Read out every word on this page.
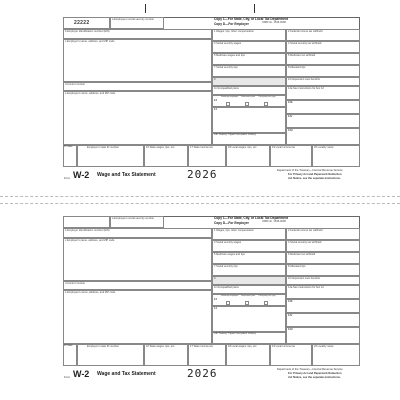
22222
a Employee's social security number
OMB No. 1545-0008
b Employer identification number (EIN)
c Employer's name, address, and ZIP code
d Control number
e Employee's name, address, and ZIP code
Copy 1—For State, City, or Local Tax Department
Copy D—For Employer
1 Wages, tips, other compensation	2 Federal income tax withheld
3 Social security wages	4 Social security tax withheld
5 Medicare wages and tips	6 Medicare tax withheld
7 Social security tips	8 Allocated tips
9	10 Dependent care benefits
11 Nonqualified plans
13
Statutory employee	Retirement plan	Third-party sick pay
14
14b Treasury Tipped Occupation Code(s)
12a See instructions for box 12
12b
12c
12d
15 State	Employer's state ID number	16 State wages, tips, etc.	17 State income tax	18 Local wages, tips, etc.	19 Local income tax	20 Locality name
Form W-2 Wage and Tax Statement	2026	Department of the Treasury—Internal Revenue Service
For Privacy Act and Paperwork Reduction
Act Notice, see the separate instructions.
a Employee's social security number
OMB No. 1545-0008
b Employer identification number (EIN)
c Employer's name, address, and ZIP code
d Control number
e Employee's name, address, and ZIP code
Copy 1—For State, City, or Local Tax Department
Copy D—For Employer
1 Wages, tips, other compensation	2 Federal income tax withheld
3 Social security wages	4 Social security tax withheld
5 Medicare wages and tips	6 Medicare tax withheld
7 Social security tips	8 Allocated tips
9	10 Dependent care benefits
11 Nonqualified plans
13
Statutory employee	Retirement plan	Third-party sick pay
14
14b Treasury Tipped Occupation Code(s)
12a See instructions for box 12
12b
12c
12d
15 State	Employer's state ID number	16 State wages, tips, etc.	17 State income tax	18 Local wages, tips, etc.	19 Local income tax	20 Locality name
Form W-2 Wage and Tax Statement	2026	Department of the Treasury—Internal Revenue Service
For Privacy Act and Paperwork Reduction
Act Notice, see the separate instructions.
